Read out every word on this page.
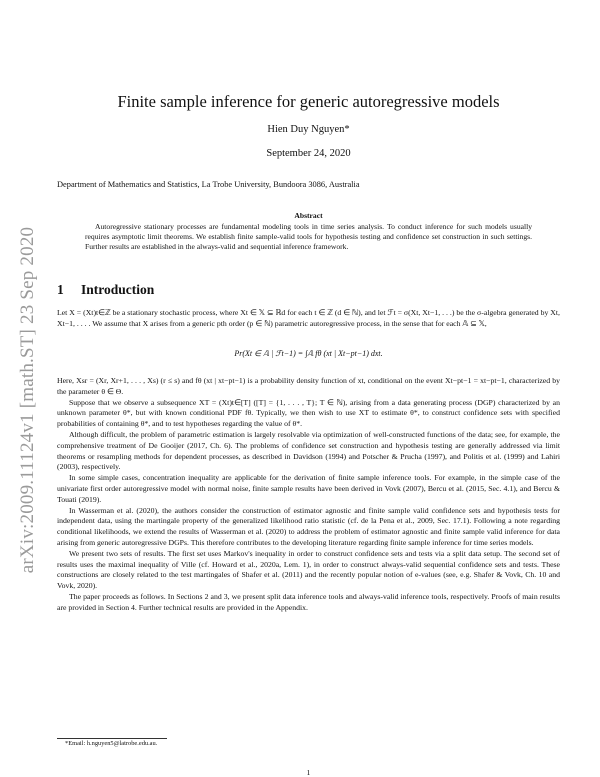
arXiv:2009.11124v1 [math.ST] 23 Sep 2020
Finite sample inference for generic autoregressive models
Hien Duy Nguyen*
September 24, 2020
Department of Mathematics and Statistics, La Trobe University, Bundoora 3086, Australia
Abstract
Autoregressive stationary processes are fundamental modeling tools in time series analysis. To conduct inference for such models usually requires asymptotic limit theorems. We establish finite sample-valid tools for hypothesis testing and confidence set construction in such settings. Further results are established in the always-valid and sequential inference framework.
1 Introduction

Let X = (Xt)t∈ℤ be a stationary stochastic process, where Xt ∈ 𝕏 ⊆ ℝd for each t ∈ ℤ (d ∈ ℕ), and let ℱt = σ(Xt, Xt−1, . . .) be the σ-algebra generated by Xt, Xt−1, . . . . We assume that X arises from a generic pth order (p ∈ ℕ) parametric autoregressive process, in the sense that for each 𝔸 ⊆ 𝕏,

Pr(Xt ∈ 𝔸 | ℱt−1) = ∫𝔸 fθ (xt | Xt−pt−1) dxt.

Here, Xsr = (Xr, Xr+1, . . . , Xs) (r ≤ s) and fθ (xt | xt−pt−1) is a probability density function of xt, conditional on the event Xt−pt−1 = xt−pt−1, characterized by the parameter θ ∈ Θ.

Suppose that we observe a subsequence XT = (Xt)t∈[T] ([T] = {1, . . . , T}; T ∈ ℕ), arising from a data generating process (DGP) characterized by an unknown parameter θ*, but with known conditional PDF fθ. Typically, we then wish to use XT to estimate θ*, to construct confidence sets with specified probabilities of containing θ*, and to test hypotheses regarding the value of θ*.

Although difficult, the problem of parametric estimation is largely resolvable via optimization of well-constructed functions of the data; see, for example, the comprehensive treatment of De Gooijer (2017, Ch. 6). The problems of confidence set construction and hypothesis testing are generally addressed via limit theorems or resampling methods for dependent processes, as described in Davidson (1994) and Potscher & Prucha (1997), and Politis et al. (1999) and Lahiri (2003), respectively.

In some simple cases, concentration inequality are applicable for the derivation of finite sample inference tools. For example, in the simple case of the univariate first order autoregressive model with normal noise, finite sample results have been derived in Vovk (2007), Bercu et al. (2015, Sec. 4.1), and Bercu & Touati (2019).

In Wasserman et al. (2020), the authors consider the construction of estimator agnostic and finite sample valid confidence sets and hypothesis tests for independent data, using the martingale property of the generalized likelihood ratio statistic (cf. de la Pena et al., 2009, Sec. 17.1). Following a note regarding conditional likelihoods, we extend the results of Wasserman et al. (2020) to address the problem of estimator agnostic and finite sample valid inference for data arising from generic autoregressive DGPs. This therefore contributes to the developing literature regarding finite sample inference for time series models.

We present two sets of results. The first set uses Markov's inequality in order to construct confidence sets and tests via a split data setup. The second set of results uses the maximal inequality of Ville (cf. Howard et al., 2020a, Lem. 1), in order to construct always-valid sequential confidence sets and tests. These constructions are closely related to the test martingales of Shafer et al. (2011) and the recently popular notion of e-values (see, e.g. Shafer & Vovk, Ch. 10 and Vovk, 2020).

The paper proceeds as follows. In Sections 2 and 3, we present split data inference tools and always-valid inference tools, respectively. Proofs of main results are provided in Section 4. Further technical results are provided in the Appendix.

*Email: h.nguyen5@latrobe.edu.au.
1
